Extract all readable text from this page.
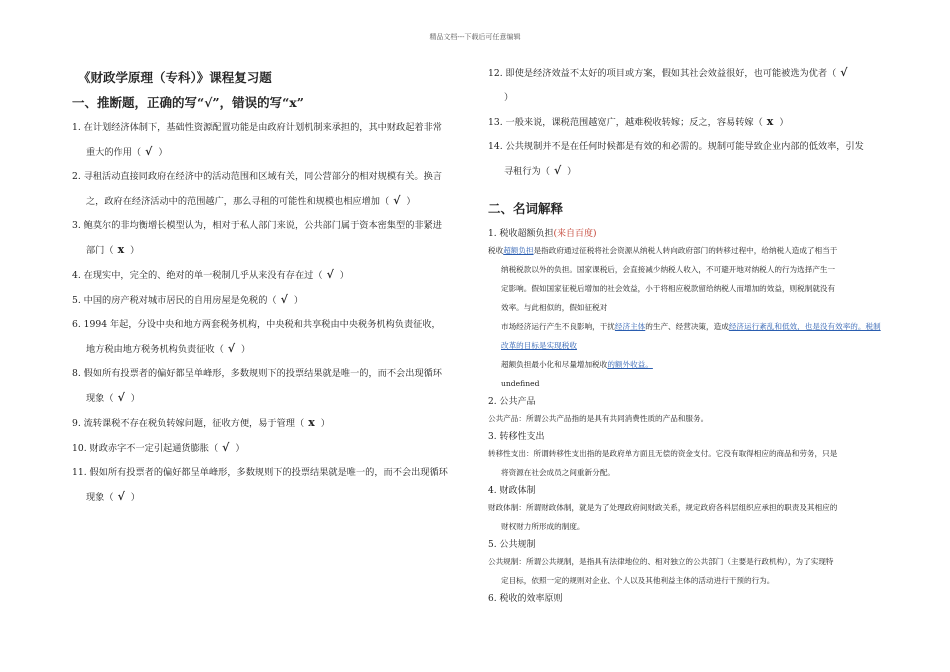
精品文档---下载后可任意编辑
《财政学原理（专科）》课程复习题
一、推断题，正确的写“√”，错误的写“x”
1. 在计划经济体制下，基础性资源配置功能是由政府计划机制来承担的，其中财政起着非常
重大的作用（ √ ）
2. 寻租活动直接同政府在经济中的活动范围和区域有关，同公营部分的相对规模有关。换言
之，政府在经济活动中的范围越广，那么寻租的可能性和规模也相应增加（ √ ）
3. 鲍莫尔的非均衡增长模型认为，相对于私人部门来说，公共部门属于资本密集型的非紧进
部门（ x ）
4. 在现实中，完全的、绝对的单一税制几乎从来没有存在过（ √ ）
5. 中国的房产税对城市居民的自用房屋是免税的（ √ ）
6. 1994 年起，分设中央和地方两套税务机构，中央税和共享税由中央税务机构负责征收，
地方税由地方税务机构负责征收（ √ ）
8. 假如所有投票者的偏好都呈单峰形，多数规则下的投票结果就是唯一的，而不会出现循环
现象（ √ ）
9. 流转课税不存在税负转嫁问题，征收方便，易于管理（ x ）
10. 财政赤字不一定引起通货膨胀（ √ ）
11. 假如所有投票者的偏好都呈单峰形，多数规则下的投票结果就是唯一的，而不会出现循环
现象（ √ ）
12. 即使是经济效益不太好的项目或方案，假如其社会效益很好，也可能被选为优者（ √
）
13. 一般来说，课税范围越宽广，越难税收转嫁；反之，容易转嫁（ x ）
14. 公共规制并不是在任何时候都是有效的和必需的。规制可能导致企业内部的低效率，引发
寻租行为（ √ ）
二、名词解释
1. 税收超额负担(来自百度)
税收超额负担是指政府通过征税将社会资源从纳税人转向政府部门的转移过程中，给纳税人造成了相当于
纳税税款以外的负担。国家课税后，会直接减少纳税人收入，不可避开地对纳税人的行为选择产生一
定影响。假如国家征税后增加的社会效益，小于将相应税款留给纳税人而增加的效益，则税制就没有
效率。与此相似的，假如征税对
市场经济运行产生不良影响，干扰经济主体的生产、经营决策，造成经济运行紊乱和低效，也是没有效率的。税制改革的目标是实现税收
超额负担最小化和尽量增加税收的额外收益。
undefined
2. 公共产品
公共产品：所谓公共产品指的是具有共同消费性质的产品和服务。
3. 转移性支出
转移性支出：所谓转移性支出指的是政府单方面且无偿的资金支付。它没有取得相应的商品和劳务，只是
将资源在社会成员之间重新分配。
4. 财政体制
财政体制：所谓财政体制，就是为了处理政府间财政关系，规定政府各科层组织应承担的职责及其相应的
财权财力所形成的制度。
5. 公共规制
公共规制：所谓公共规制，是指具有法律地位的、相对独立的公共部门（主要是行政机构），为了实现特
定目标，依照一定的规则对企业、个人以及其他利益主体的活动进行干预的行为。
6. 税收的效率原则
